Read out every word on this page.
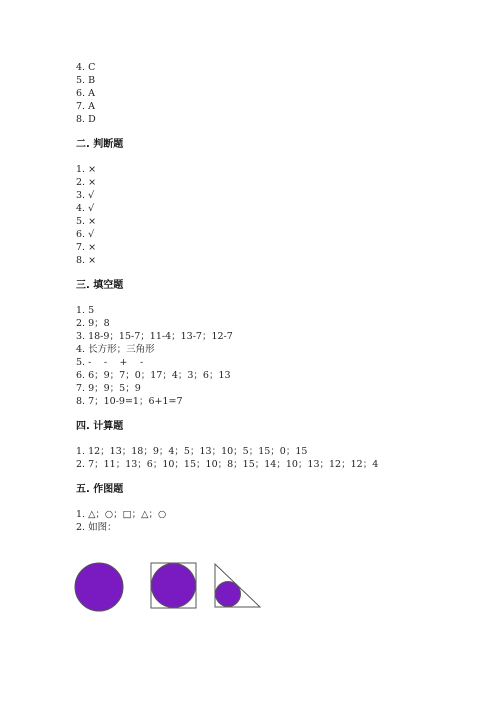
4. C
5. B
6. A
7. A
8. D
二. 判断题
1. ×
2. ×
3. √
4. √
5. ×
6. √
7. ×
8. ×
三. 填空题
1. 5
2. 9；8
3. 18-9；15-7；11-4；13-7；12-7
4. 长方形；三角形
5. -　 -　 +　 -
6. 6；9；7；0；17；4；3；6；13
7. 9；9；5；9
8. 7；10-9=1；6+1=7
四. 计算题
1. 12；13；18；9；4；5；13；10；5；15；0；15
2. 7；11；13；6；10；15；10；8；15；14；10；13；12；12；4
五. 作图题
1. △；○；□；△；○
2. 如图：
